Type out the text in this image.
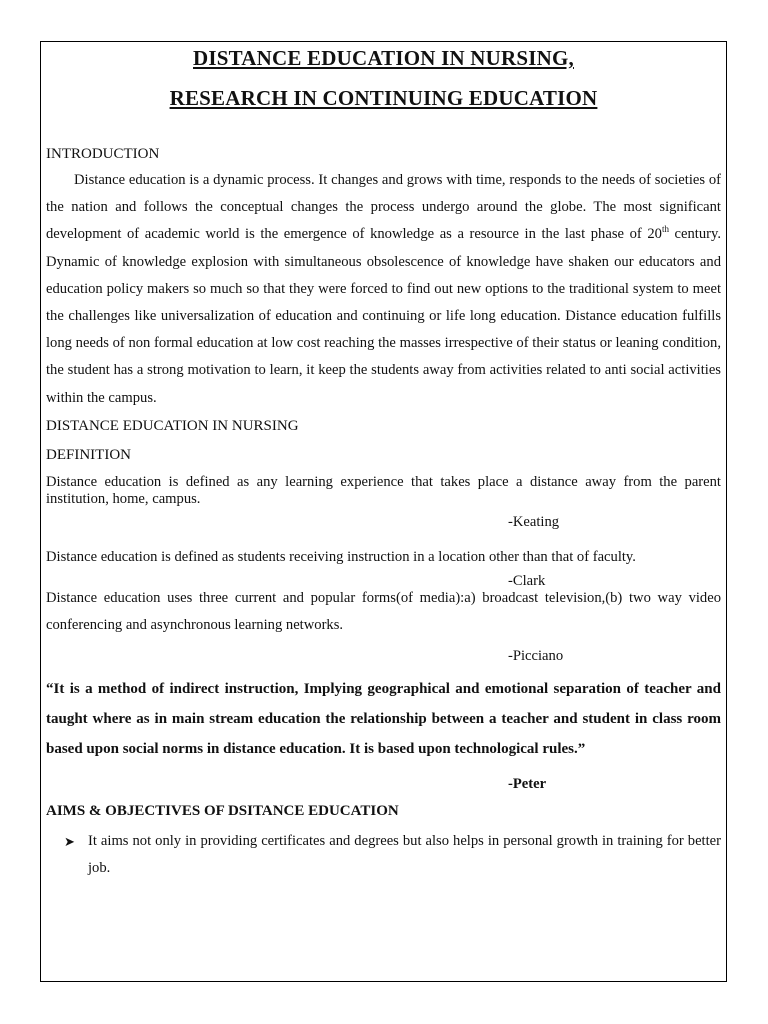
DISTANCE EDUCATION IN NURSING,
RESEARCH IN CONTINUING EDUCATION

INTRODUCTION

Distance education is a dynamic process. It changes and grows with time, responds to the needs of societies of the nation and follows the conceptual changes the process undergo around the globe. The most significant development of academic world is the emergence of knowledge as a resource in the last phase of 20th century. Dynamic of knowledge explosion with simultaneous obsolescence of knowledge have shaken our educators and education policy makers so much so that they were forced to find out new options to the traditional system to meet the challenges like universalization of education and continuing or life long education. Distance education fulfills long needs of non formal education at low cost reaching the masses irrespective of their status or leaning condition, the student has a strong motivation to learn, it keep the students away from activities related to anti social activities within the campus.

DISTANCE EDUCATION IN NURSING

DEFINITION

Distance education is defined as any learning experience that takes place a distance away from the parent institution, home, campus.

-Keating

Distance education is defined as students receiving instruction in a location other than that of faculty.

-Clark

Distance education uses three current and popular forms(of media):a) broadcast television,(b) two way video conferencing and asynchronous learning networks.

-Picciano

“It is a method of indirect instruction, Implying geographical and emotional separation of teacher and taught where as in main stream education the relationship between a teacher and student in class room based upon social norms in distance education. It is based upon technological rules.”

-Peter

AIMS & OBJECTIVES OF DSITANCE EDUCATION

➤ It aims not only in providing certificates and degrees but also helps in personal growth in training for better job.
